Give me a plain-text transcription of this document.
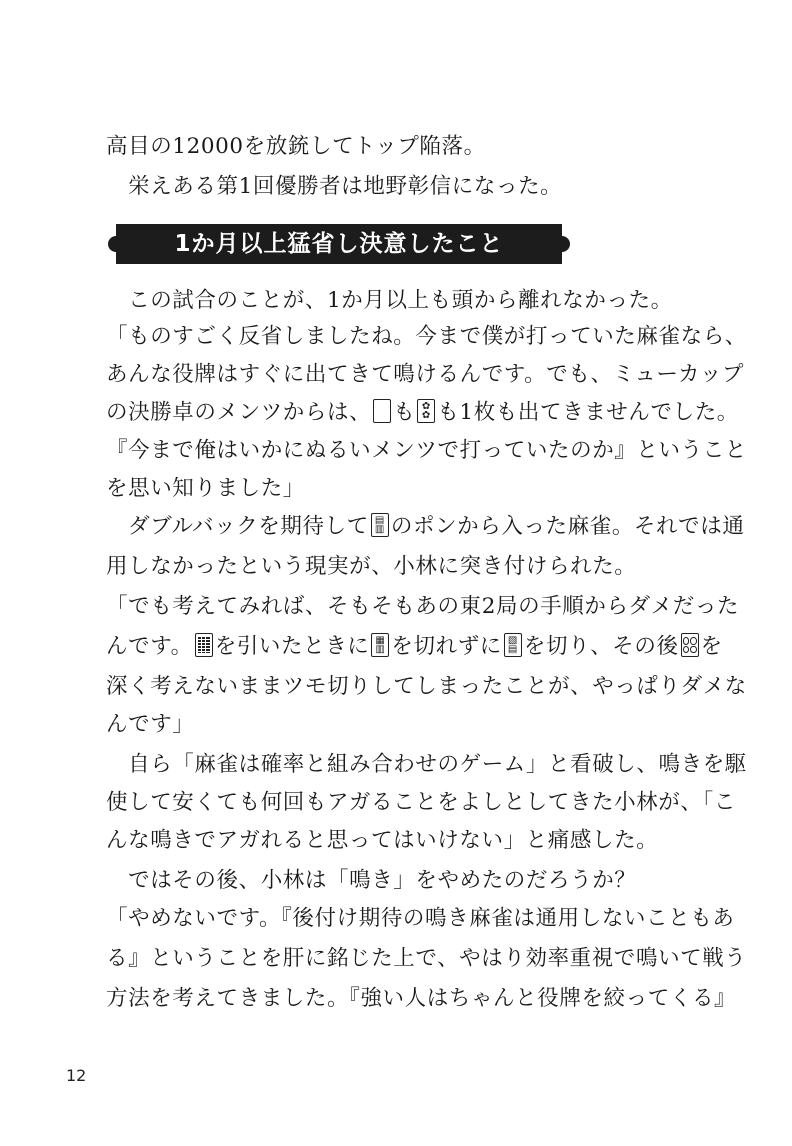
高目の12000を放銃してトップ陥落。
　栄えある第1回優勝者は地野彰信になった。
1か月以上猛省し決意したこと
　この試合のことが、1か月以上も頭から離れなかった。
「ものすごく反省しましたね。今まで僕が打っていた麻雀なら、
あんな役牌はすぐに出てきて鳴けるんです。でも、ミューカップ
の決勝卓のメンツからは、 も ✿
✿ も1枚も出てきませんでした。
『今まで俺はいかにぬるいメンツで打っていたのか』ということ
を思い知りました」
　ダブルバックを期待して ▤
▥ のポンから入った麻雀。それでは通
用しなかったという現実が、小林に突き付けられた。
「でも考えてみれば、そもそもあの東2局の手順からダメだった
んです。 を引いたときに ▦
▥ を切れずに ▧
▤ を切り、その後 を
深く考えないままツモ切りしてしまったことが、やっぱりダメな
んです」
　自ら「麻雀は確率と組み合わせのゲーム」と看破し、鳴きを駆
使して安くても何回もアガることをよしとしてきた小林が、「こ
んな鳴きでアガれると思ってはいけない」と痛感した。
　ではその後、小林は「鳴き」をやめたのだろうか？
「やめないです。『後付け期待の鳴き麻雀は通用しないこともあ
る』ということを肝に銘じた上で、やはり効率重視で鳴いて戦う
方法を考えてきました。『強い人はちゃんと役牌を絞ってくる』
12
